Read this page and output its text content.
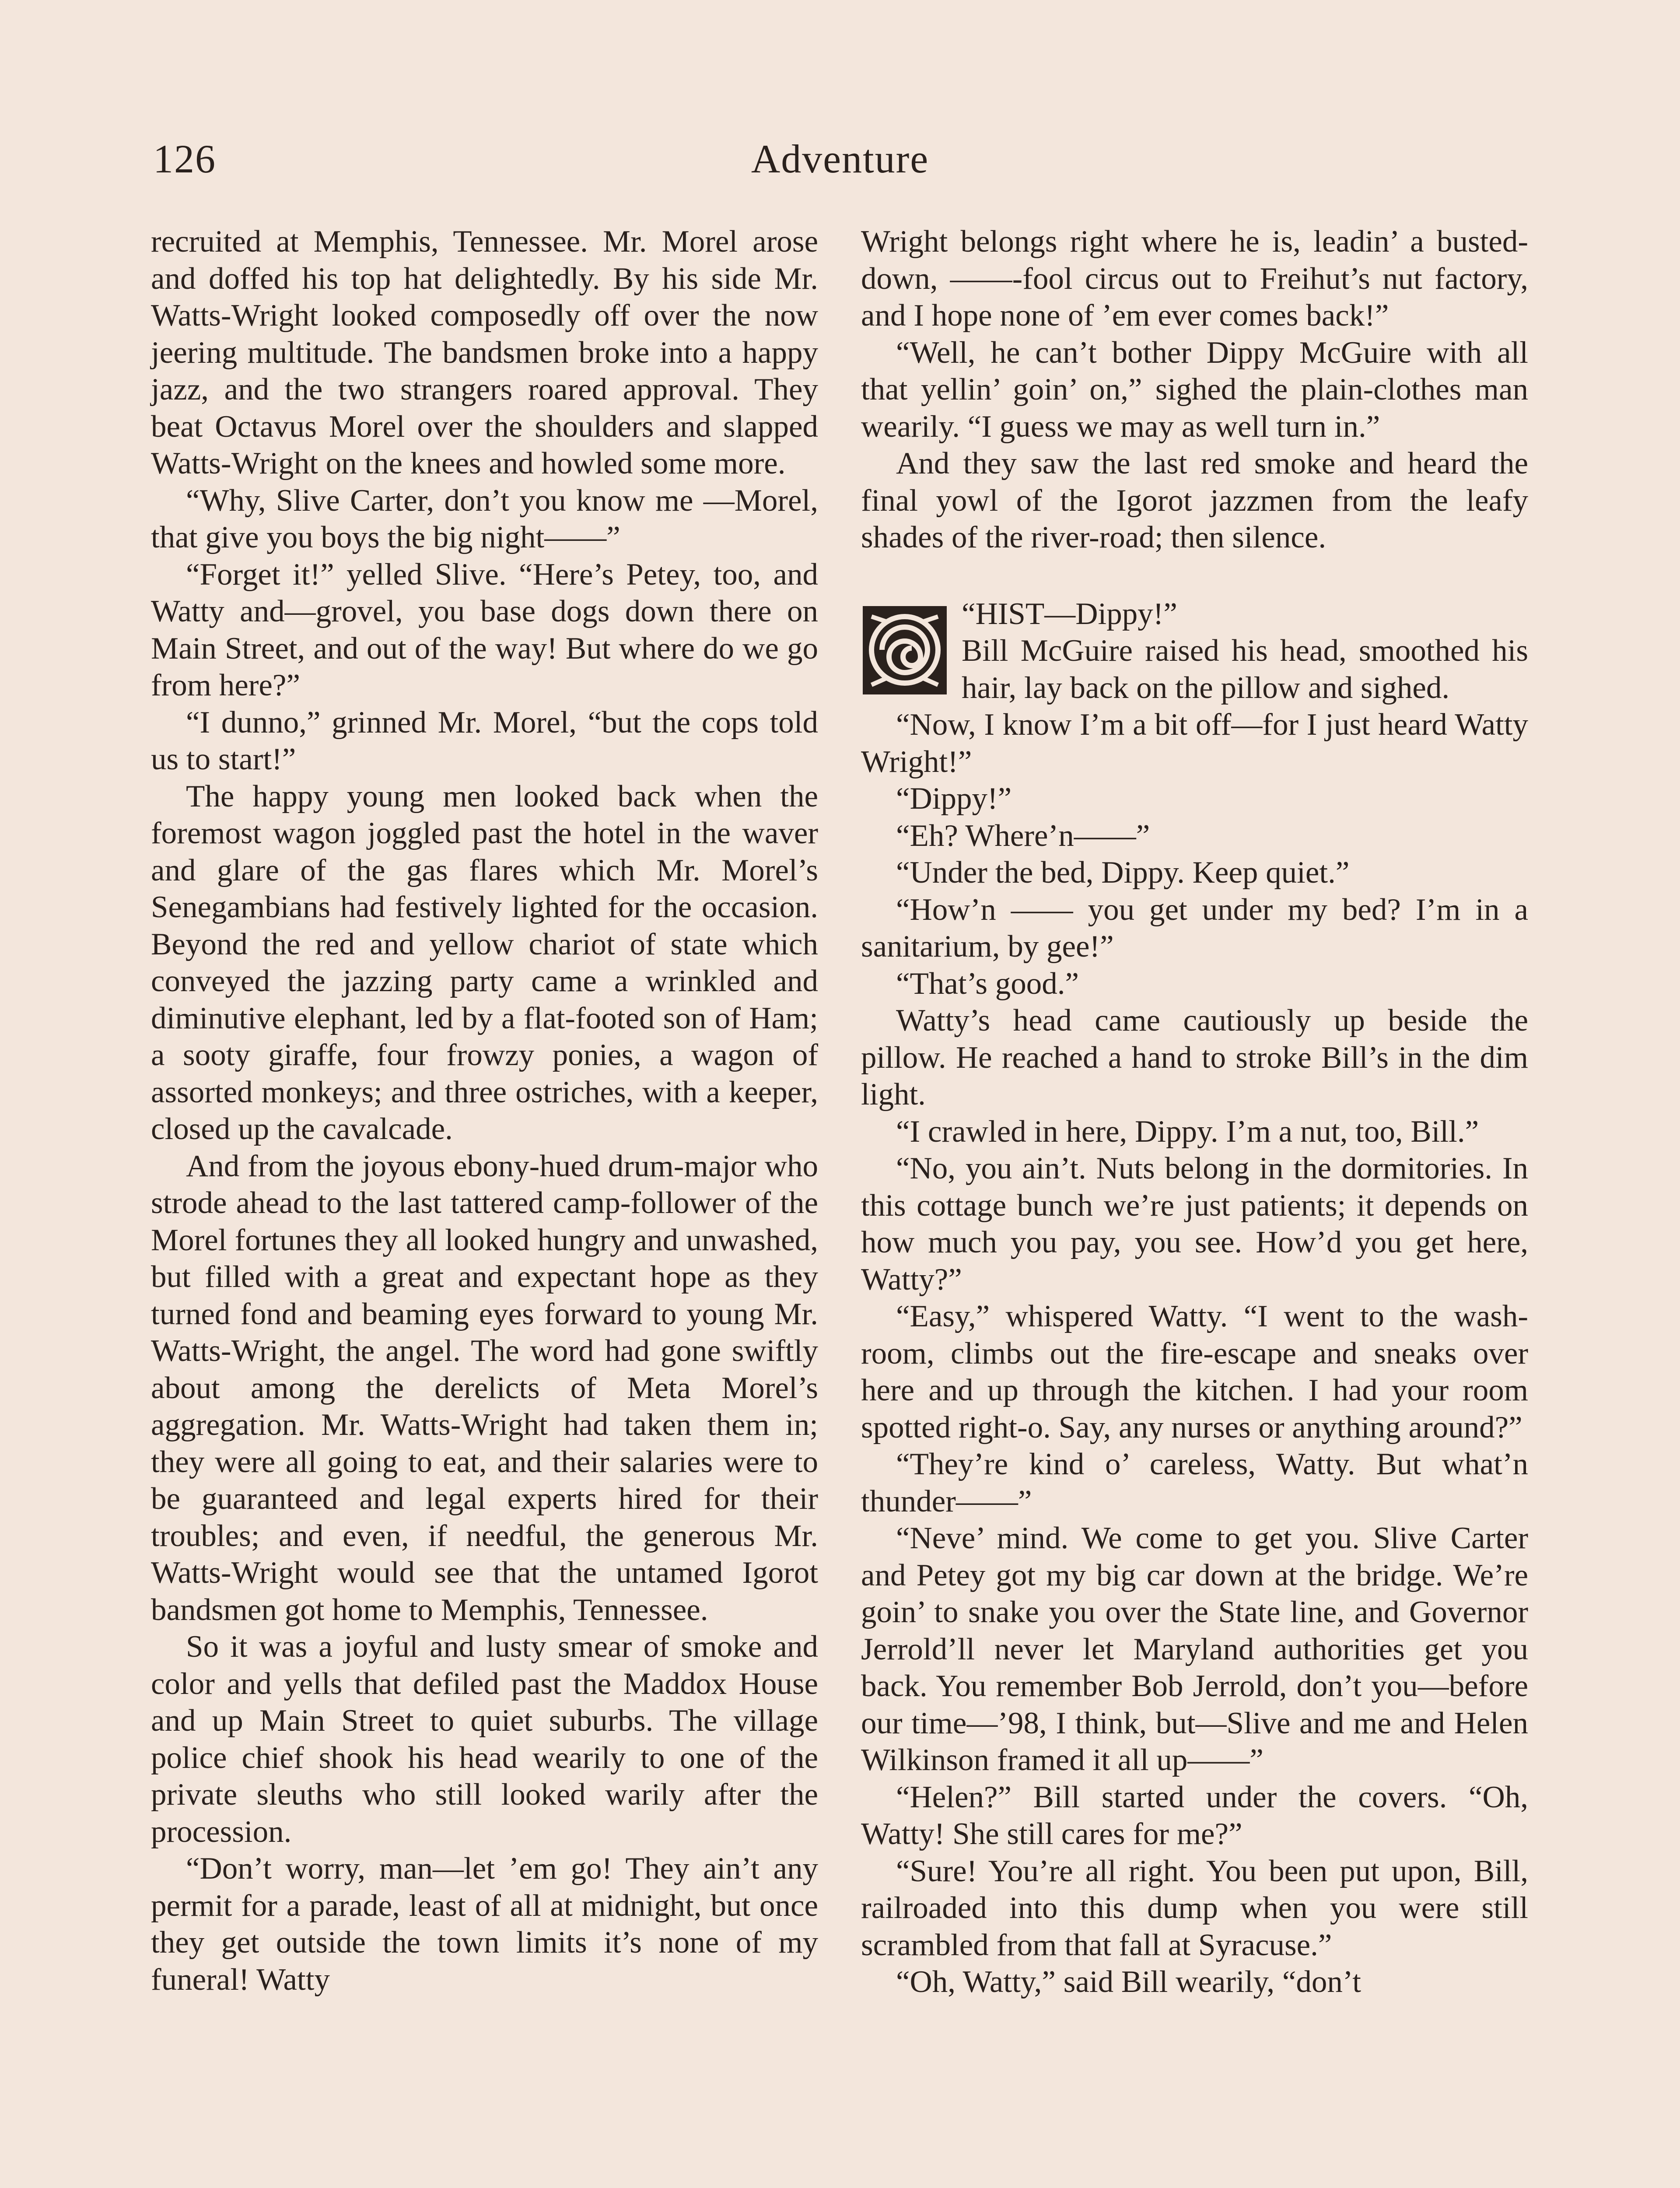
126	Adventure

recruited at Memphis, Tennessee. Mr. Morel arose and doffed his top hat delightedly. By his side Mr. Watts-Wright looked composedly off over the now jeering multitude. The bandsmen broke into a happy jazz, and the two strangers roared approval. They beat Octavus Morel over the shoulders and slapped Watts-Wright on the knees and howled some more.

“Why, Slive Carter, don’t you know me —Morel, that give you boys the big night——”

“Forget it!” yelled Slive. “Here’s Petey, too, and Watty and—grovel, you base dogs down there on Main Street, and out of the way! But where do we go from here?”

“I dunno,” grinned Mr. Morel, “but the cops told us to start!”

The happy young men looked back when the foremost wagon joggled past the hotel in the waver and glare of the gas flares which Mr. Morel’s Senegambians had festively lighted for the occasion. Beyond the red and yellow chariot of state which conveyed the jazzing party came a wrinkled and diminutive elephant, led by a flat-footed son of Ham; a sooty giraffe, four frowzy ponies, a wagon of assorted monkeys; and three ostriches, with a keeper, closed up the cavalcade.

And from the joyous ebony-hued drum-major who strode ahead to the last tattered camp-follower of the Morel fortunes they all looked hungry and unwashed, but filled with a great and expectant hope as they turned fond and beaming eyes forward to young Mr. Watts-Wright, the angel. The word had gone swiftly about among the derelicts of Meta Morel’s aggregation. Mr. Watts-Wright had taken them in; they were all going to eat, and their salaries were to be guaranteed and legal experts hired for their troubles; and even, if needful, the generous Mr. Watts-Wright would see that the untamed Igorot bandsmen got home to Memphis, Tennessee.

So it was a joyful and lusty smear of smoke and color and yells that defiled past the Maddox House and up Main Street to quiet suburbs. The village police chief shook his head wearily to one of the private sleuths who still looked warily after the procession.

“Don’t worry, man—let ’em go! They ain’t any permit for a parade, least of all at midnight, but once they get outside the town limits it’s none of my funeral! Watty

Wright belongs right where he is, leadin’ a busted-down, ——-fool circus out to Freihut’s nut factory, and I hope none of ’em ever comes back!”

“Well, he can’t bother Dippy McGuire with all that yellin’ goin’ on,” sighed the plain-clothes man wearily. “I guess we may as well turn in.”

And they saw the last red smoke and heard the final yowl of the Igorot jazzmen from the leafy shades of the river-road; then silence.

“HIST—Dippy!”

Bill McGuire raised his head, smoothed his hair, lay back on the pillow and sighed.

“Now, I know I’m a bit off—for I just heard Watty Wright!”

“Dippy!”

“Eh? Where’n——”

“Under the bed, Dippy. Keep quiet.”

“How’n —— you get under my bed? I’m in a sanitarium, by gee!”

“That’s good.”

Watty’s head came cautiously up beside the pillow. He reached a hand to stroke Bill’s in the dim light.

“I crawled in here, Dippy. I’m a nut, too, Bill.”

“No, you ain’t. Nuts belong in the dormitories. In this cottage bunch we’re just patients; it depends on how much you pay, you see. How’d you get here, Watty?”

“Easy,” whispered Watty. “I went to the wash-room, climbs out the fire-escape and sneaks over here and up through the kitchen. I had your room spotted right-o. Say, any nurses or anything around?”

“They’re kind o’ careless, Watty. But what’n thunder——”

“Neve’ mind. We come to get you. Slive Carter and Petey got my big car down at the bridge. We’re goin’ to snake you over the State line, and Governor Jerrold’ll never let Maryland authorities get you back. You remember Bob Jerrold, don’t you—before our time—’98, I think, but—Slive and me and Helen Wilkinson framed it all up——”

“Helen?” Bill started under the covers. “Oh, Watty! She still cares for me?”

“Sure! You’re all right. You been put upon, Bill, railroaded into this dump when you were still scrambled from that fall at Syracuse.”

“Oh, Watty,” said Bill wearily, “don’t
